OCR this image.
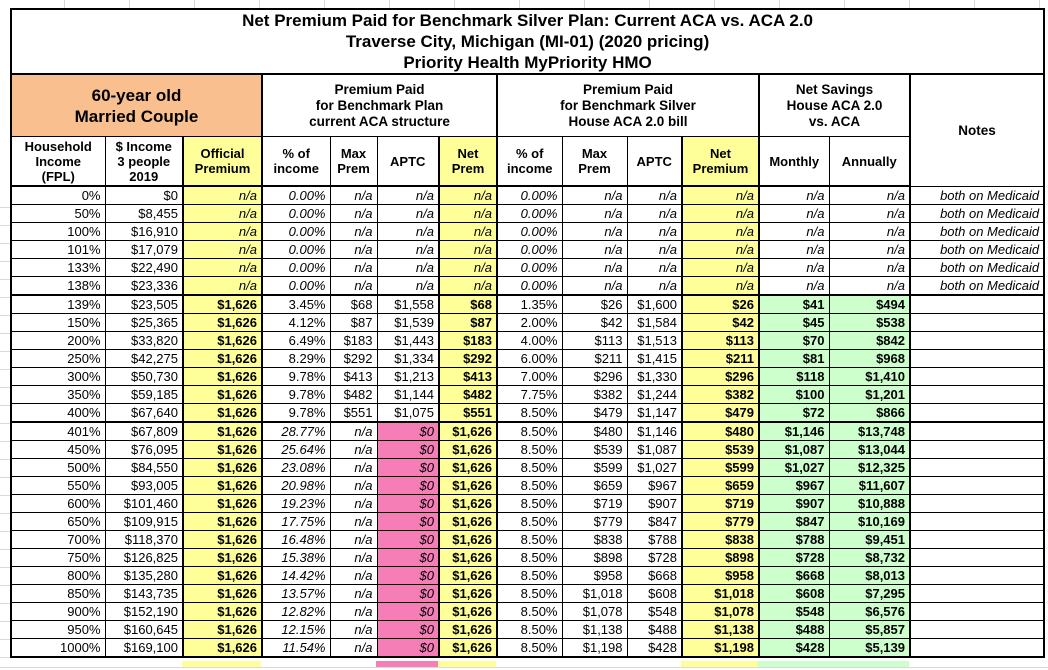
Net Premium Paid for Benchmark Silver Plan: Current ACA vs. ACA 2.0
Traverse City, Michigan (MI-01) (2020 pricing)
Priority Health MyPriority HMO													

60-year old
Married Couple

Premium Paid
for Benchmark Plan
current ACA structure

Premium Paid
for Benchmark Silver
House ACA 2.0 bill

Net Savings
House ACA 2.0
vs. ACA
	Notes

Household
Income
(FPL)

$ Income
3 people
2019

Official
Premium

% of
income

Max
Prem	APTC	Net
Prem

% of
income

Max
Prem	APTC	Net
Premium	Monthly	Annually
0%	$0	n/a	0.00%	n/a	n/a	n/a	0.00%	n/a	n/a	n/a	n/a	n/a	both on Medicaid
50%	$8,455	n/a	0.00%	n/a	n/a	n/a	0.00%	n/a	n/a	n/a	n/a	n/a	both on Medicaid
100%	$16,910	n/a	0.00%	n/a	n/a	n/a	0.00%	n/a	n/a	n/a	n/a	n/a	both on Medicaid
101%	$17,079	n/a	0.00%	n/a	n/a	n/a	0.00%	n/a	n/a	n/a	n/a	n/a	both on Medicaid
133%	$22,490	n/a	0.00%	n/a	n/a	n/a	0.00%	n/a	n/a	n/a	n/a	n/a	both on Medicaid
138%	$23,336	n/a	0.00%	n/a	n/a	n/a	0.00%	n/a	n/a	n/a	n/a	n/a	both on Medicaid
139%	$23,505	$1,626	3.45%	$68	$1,558	$68	1.35%	$26	$1,600	$26	$41	$494	
150%	$25,365	$1,626	4.12%	$87	$1,539	$87	2.00%	$42	$1,584	$42	$45	$538	
200%	$33,820	$1,626	6.49%	$183	$1,443	$183	4.00%	$113	$1,513	$113	$70	$842	
250%	$42,275	$1,626	8.29%	$292	$1,334	$292	6.00%	$211	$1,415	$211	$81	$968	
300%	$50,730	$1,626	9.78%	$413	$1,213	$413	7.00%	$296	$1,330	$296	$118	$1,410	
350%	$59,185	$1,626	9.78%	$482	$1,144	$482	7.75%	$382	$1,244	$382	$100	$1,201	
400%	$67,640	$1,626	9.78%	$551	$1,075	$551	8.50%	$479	$1,147	$479	$72	$866	
401%	$67,809	$1,626	28.77%	n/a	$0	$1,626	8.50%	$480	$1,146	$480	$1,146	$13,748	
450%	$76,095	$1,626	25.64%	n/a	$0	$1,626	8.50%	$539	$1,087	$539	$1,087	$13,044	
500%	$84,550	$1,626	23.08%	n/a	$0	$1,626	8.50%	$599	$1,027	$599	$1,027	$12,325	
550%	$93,005	$1,626	20.98%	n/a	$0	$1,626	8.50%	$659	$967	$659	$967	$11,607	
600%	$101,460	$1,626	19.23%	n/a	$0	$1,626	8.50%	$719	$907	$719	$907	$10,888	
650%	$109,915	$1,626	17.75%	n/a	$0	$1,626	8.50%	$779	$847	$779	$847	$10,169	
700%	$118,370	$1,626	16.48%	n/a	$0	$1,626	8.50%	$838	$788	$838	$788	$9,451	
750%	$126,825	$1,626	15.38%	n/a	$0	$1,626	8.50%	$898	$728	$898	$728	$8,732	
800%	$135,280	$1,626	14.42%	n/a	$0	$1,626	8.50%	$958	$668	$958	$668	$8,013	
850%	$143,735	$1,626	13.57%	n/a	$0	$1,626	8.50%	$1,018	$608	$1,018	$608	$7,295	
900%	$152,190	$1,626	12.82%	n/a	$0	$1,626	8.50%	$1,078	$548	$1,078	$548	$6,576	
950%	$160,645	$1,626	12.15%	n/a	$0	$1,626	8.50%	$1,138	$488	$1,138	$488	$5,857	
1000%	$169,100	$1,626	11.54%	n/a	$0	$1,626	8.50%	$1,198	$428	$1,198	$428	$5,139	
